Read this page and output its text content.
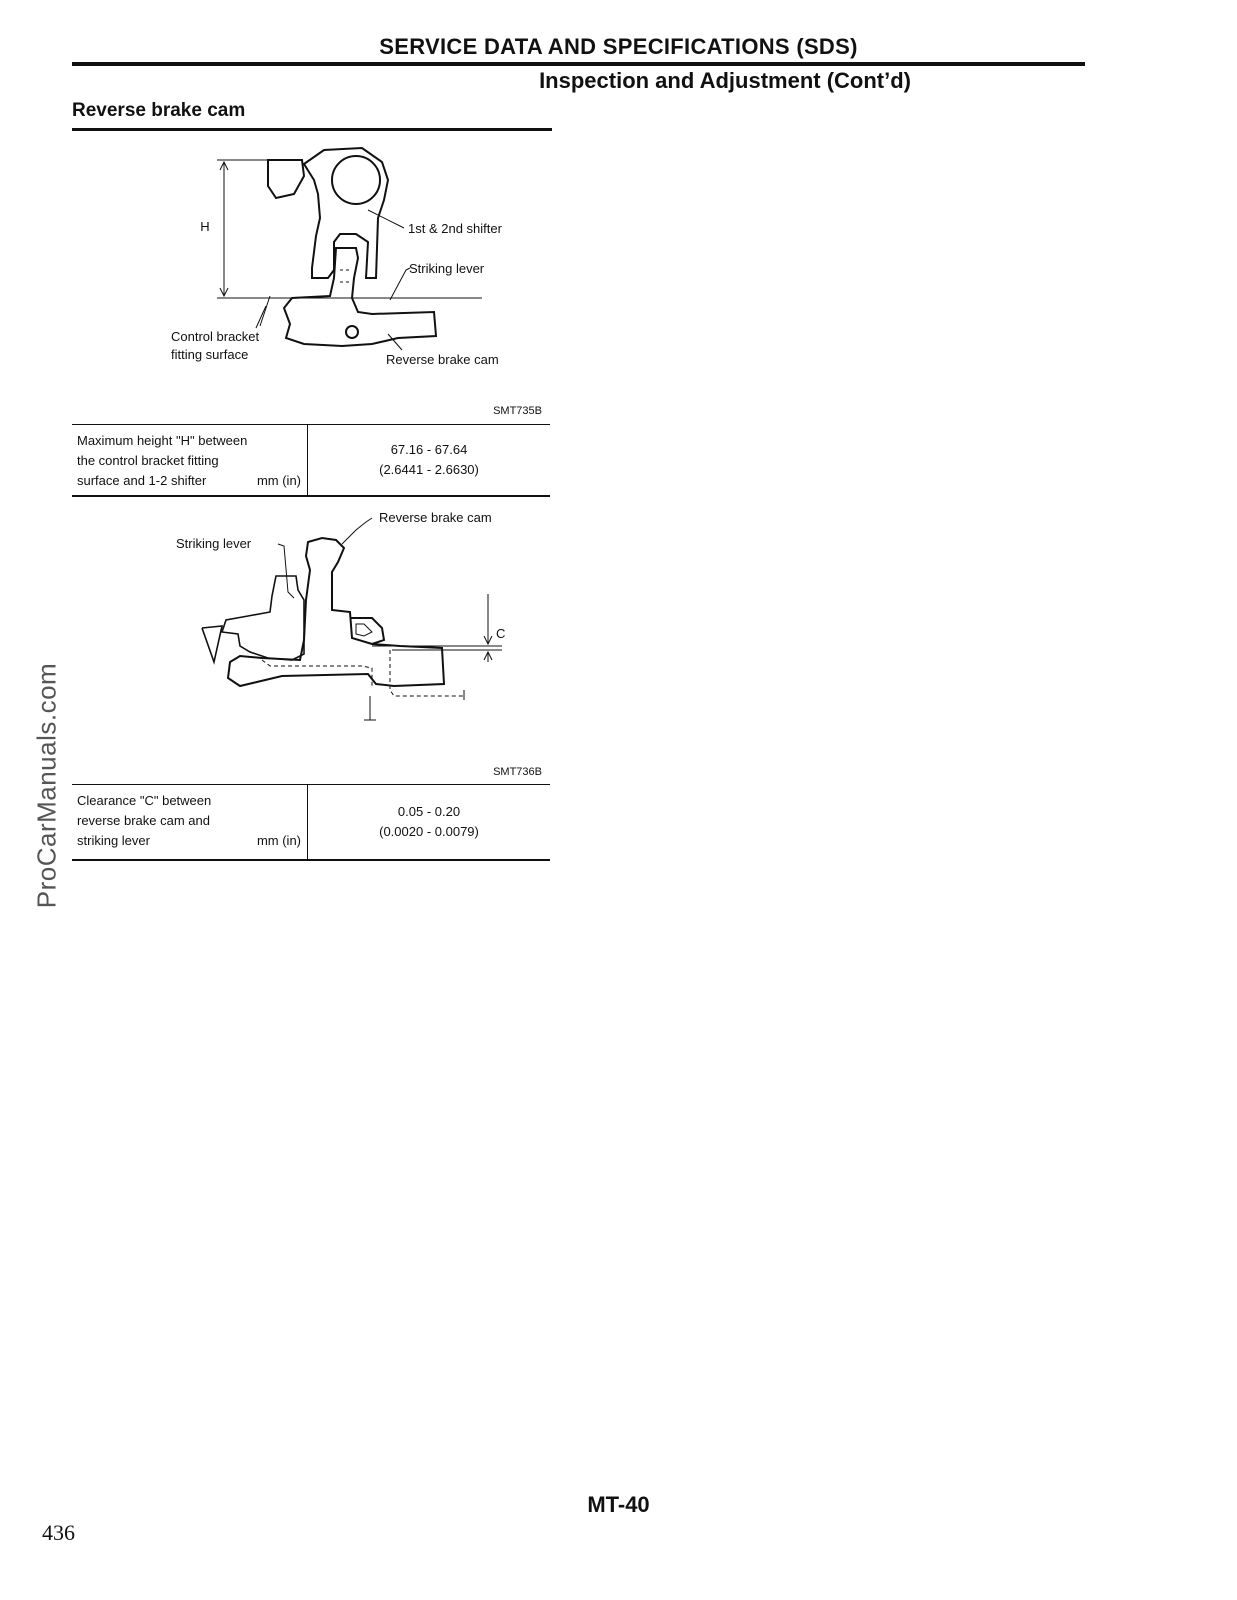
SERVICE DATA AND SPECIFICATIONS (SDS)
Inspection and Adjustment (Cont’d)
Reverse brake cam
H	1st & 2nd shifter
Striking lever
Control bracket
fitting surface	Reverse brake cam
SMT735B
Maximum height "H" between
the control bracket fitting
surface and 1-2 shifter	mm (in)
67.16 - 67.64
(2.6441 - 2.6630)
Reverse brake cam
Striking lever
C
SMT736B
Clearance "C" between
reverse brake cam and
striking lever	mm (in)
0.05 - 0.20
(0.0020 - 0.0079)
ProCarManuals.com
MT-40
436
